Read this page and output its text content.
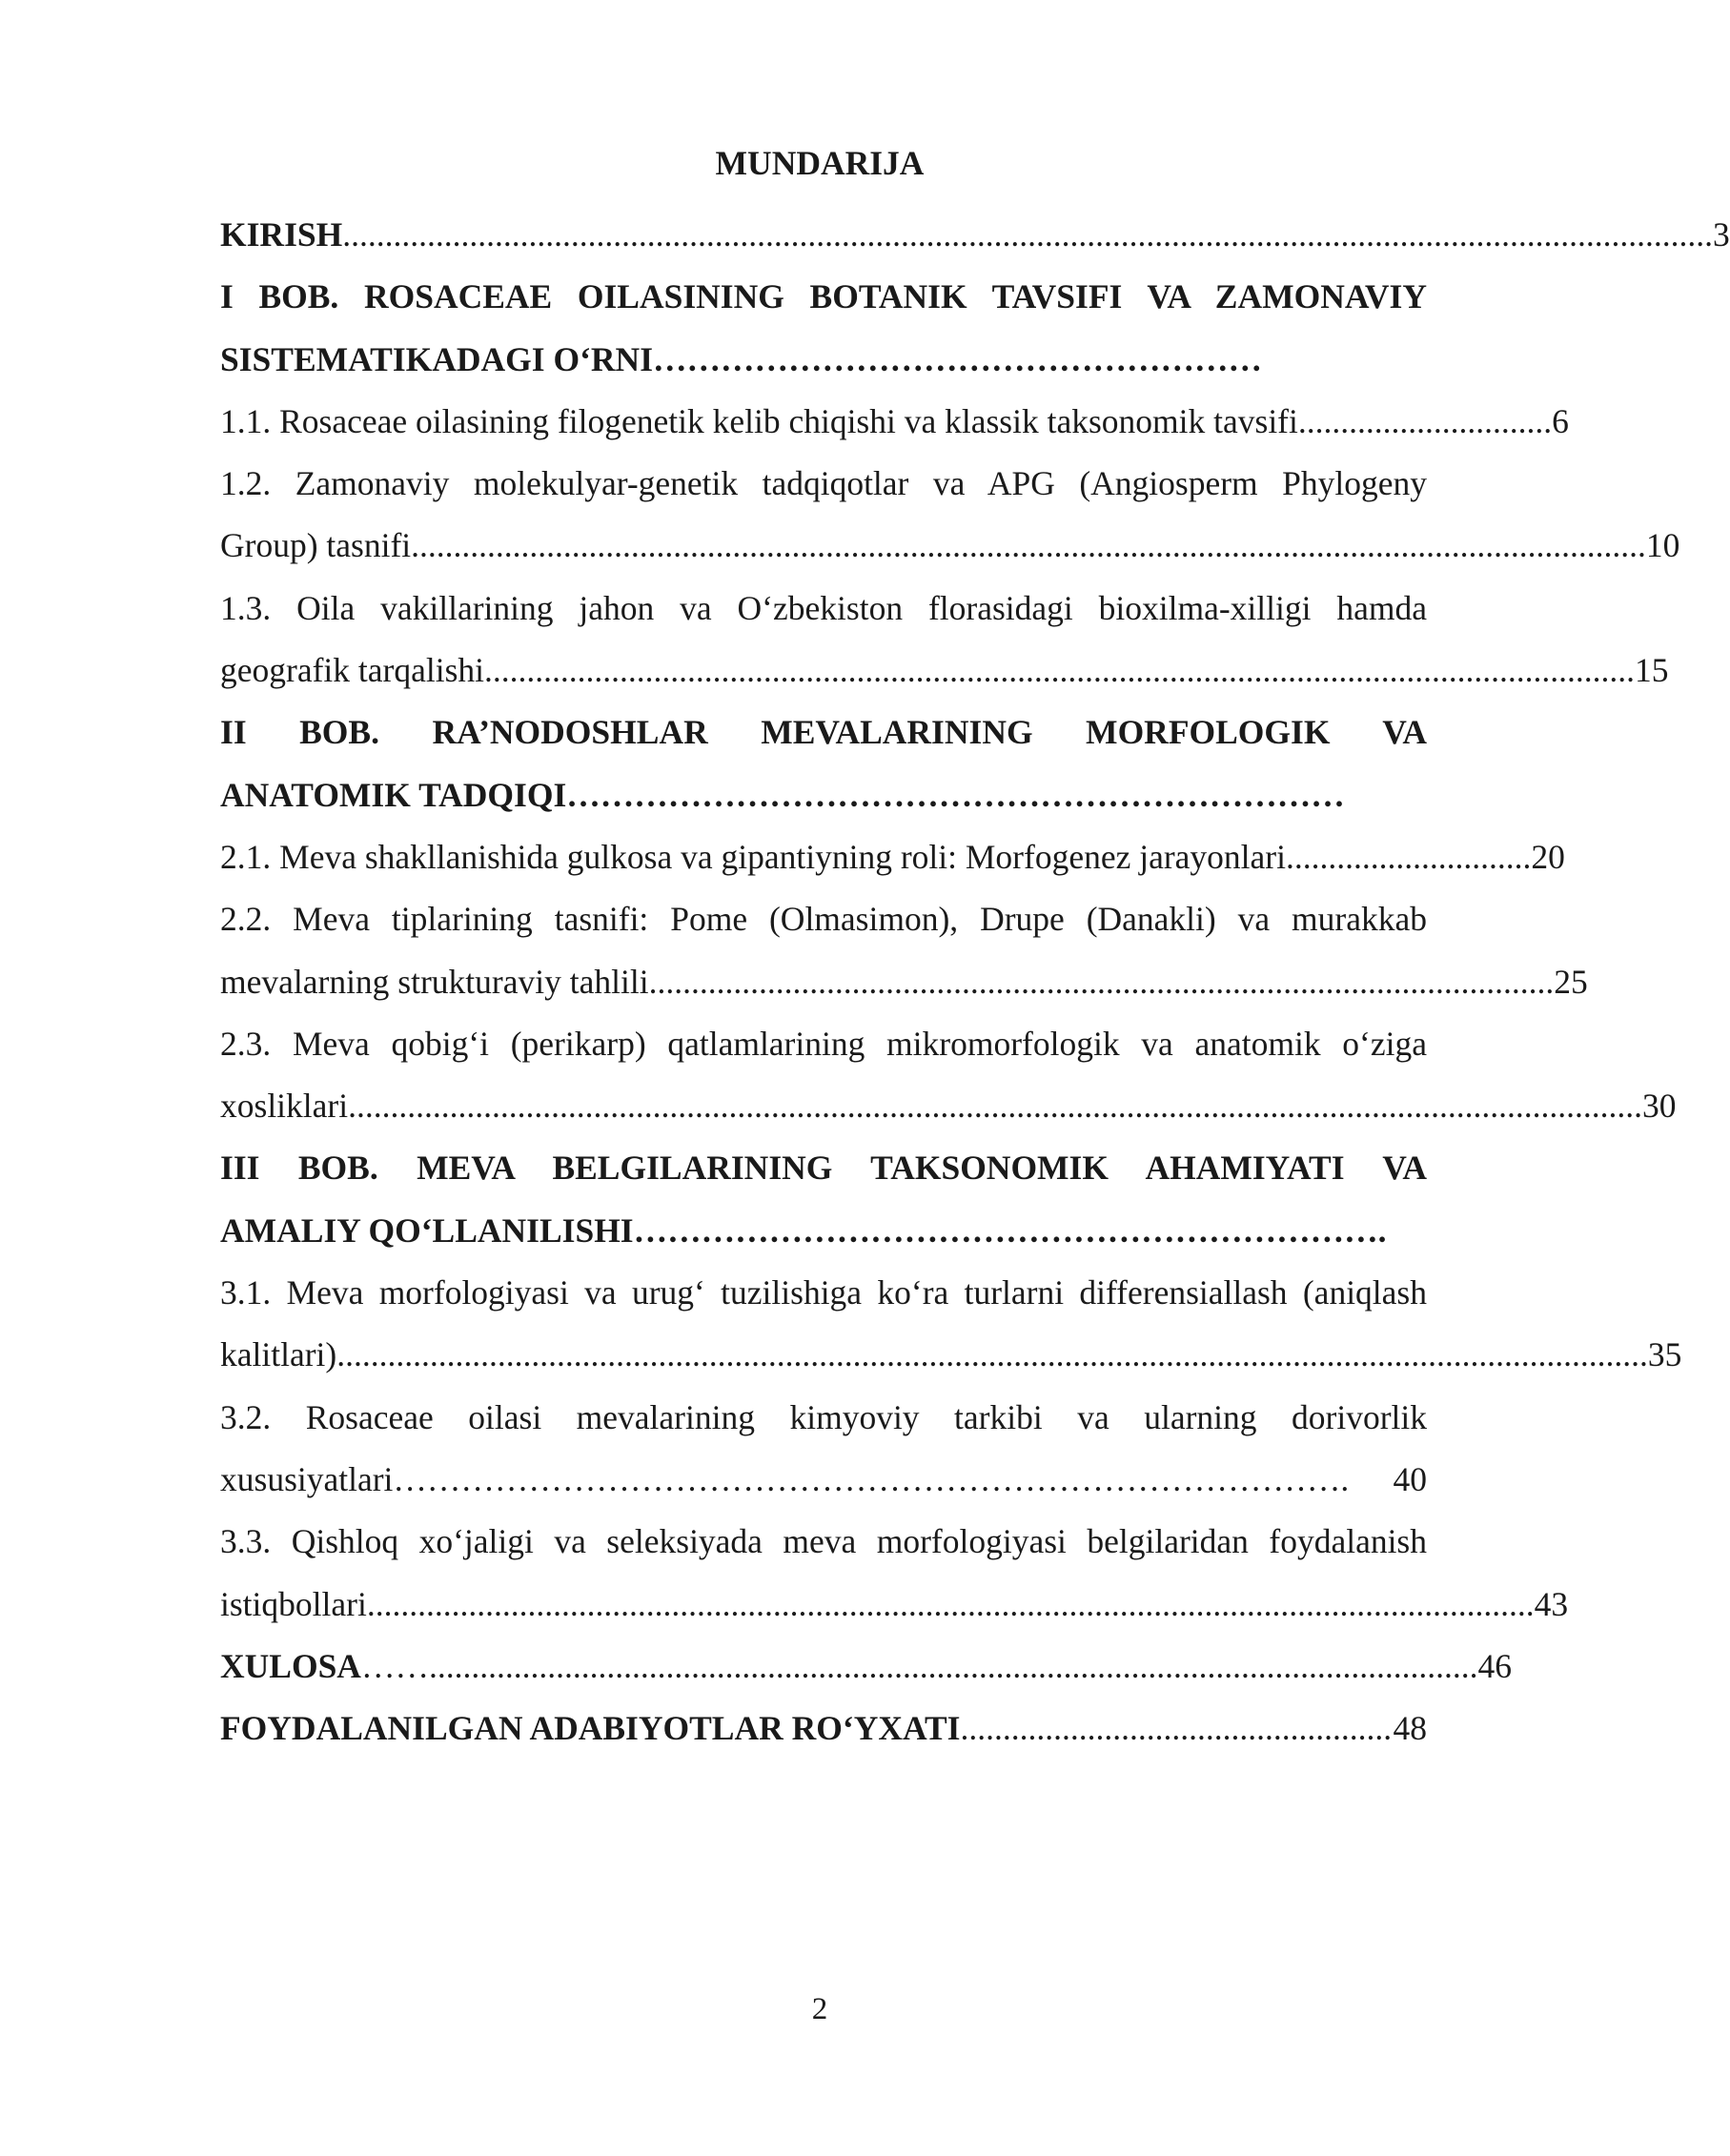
MUNDARIJA
KIRISH .................................................................................................................................................................. 3
I BOB. ROSACEAE OILASINING BOTANIK TAVSIFI VA ZAMONAVIY
SISTEMATIKADAGI O‘RNI………………………………………………
1.1. Rosaceae oilasining filogenetik kelib chiqishi va klassik taksonomik tavsifi .............................. 6
1.2. Zamonaviy molekulyar-genetik tadqiqotlar va APG (Angiosperm Phylogeny
Group) tasnifi .................................................................................................................................................. 10
1.3. Oila vakillarining jahon va O‘zbekiston florasidagi bioxilma-xilligi hamda
geografik tarqalishi ........................................................................................................................................ 15
II BOB. RA’NODOSHLAR MEVALARINING MORFOLOGIK VA
ANATOMIK TADQIQI……………………………………………………………
2.1. Meva shakllanishida gulkosa va gipantiyning roli: Morfogenez jarayonlari ............................. 20
2.2. Meva tiplarining tasnifi: Pome (Olmasimon), Drupe (Danakli) va murakkab
mevalarning strukturaviy tahlili ........................................................................................................... 25
2.3. Meva qobig‘i (perikarp) qatlamlarining mikromorfologik va anatomik o‘ziga
xosliklari ......................................................................................................................................................... 30
III BOB. MEVA BELGILARINING TAKSONOMIK AHAMIYATI VA
AMALIY QO‘LLANILISHI………………………………………………………….
3.1. Meva morfologiyasi va urug‘ tuzilishiga ko‘ra turlarni differensiallash (aniqlash
kalitlari) ........................................................................................................................................................... 35
3.2. Rosaceae oilasi mevalarining kimyoviy tarkibi va ularning dorivorlik
xususiyatlari ………………………………………………………………………….	40
3.3. Qishloq xo‘jaligi va seleksiyada meva morfologiyasi belgilaridan foydalanish
istiqbollari .......................................................................................................................................... 43
XULOSA ……............................................................................................................................ 46
FOYDALANILGAN ADABIYOTLAR RO‘YXATI ................................................... 48
2
